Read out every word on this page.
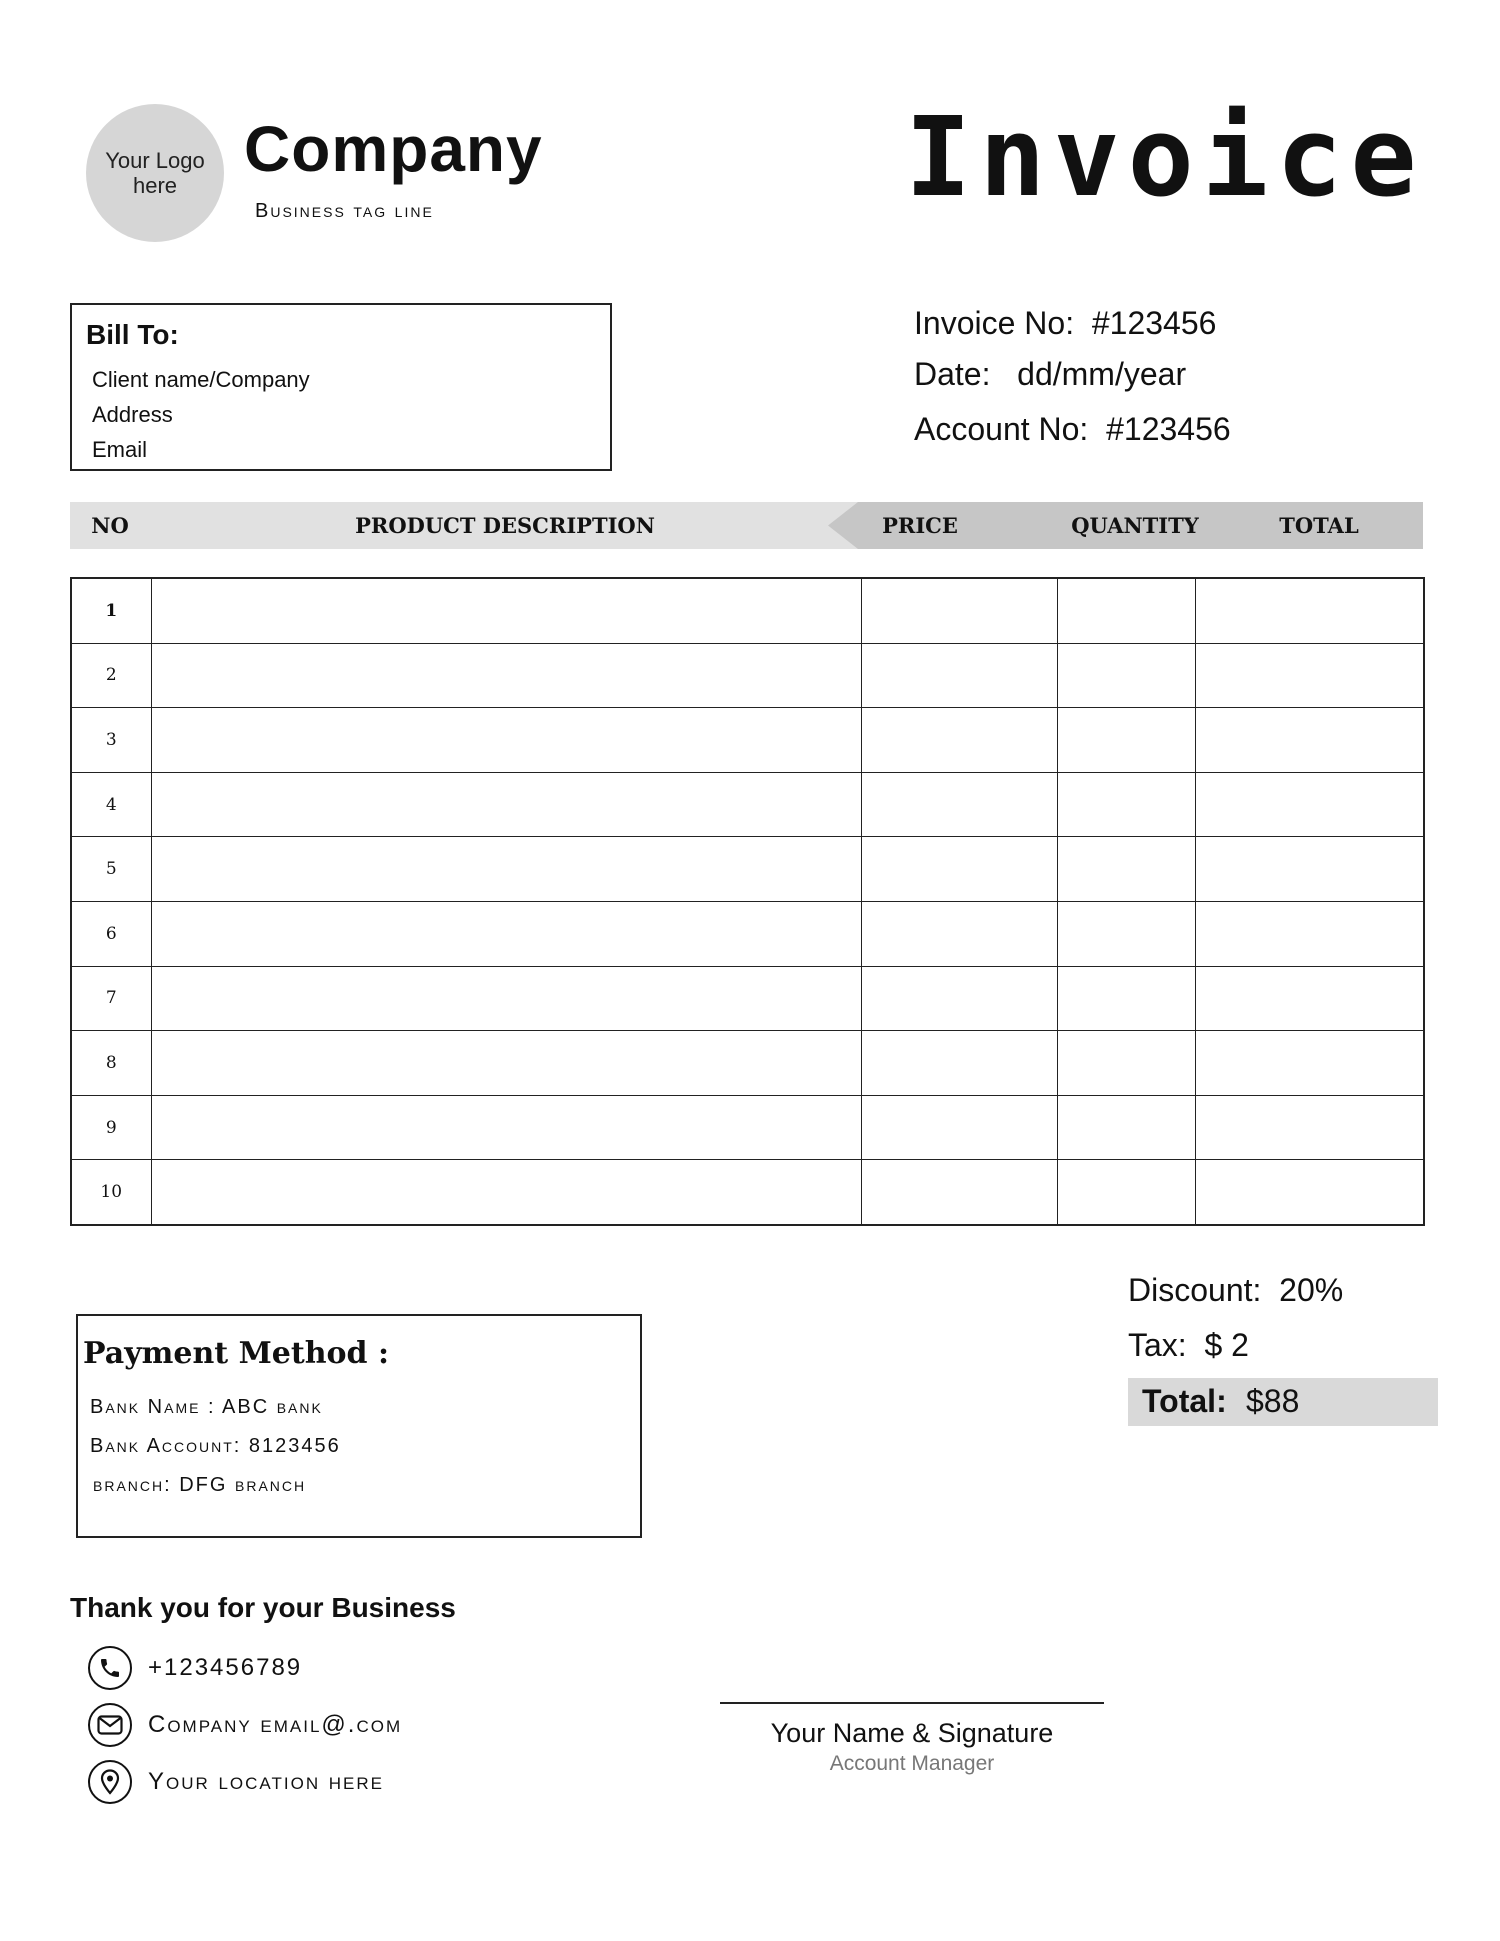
Your Logo here
Company
Business tag line	Invoice
Bill To:
Client name/Company
Address
Email
Invoice No:  #123456
Date:   dd/mm/year
Account No:  #123456
NO	PRODUCT DESCRIPTION	PRICE	QUANTITY	TOTAL
1				
2				
3				
4				
5				
6				
7				
8				
9				
10				
Discount:  20%
Tax:  $ 2
Total: $88
Payment Method :
Bank Name : ABC bank
Bank Account: 8123456
branch: DFG branch
Thank you for your Business
+123456789
Company email@.com
Your location here
Your Name & Signature
Account Manager
